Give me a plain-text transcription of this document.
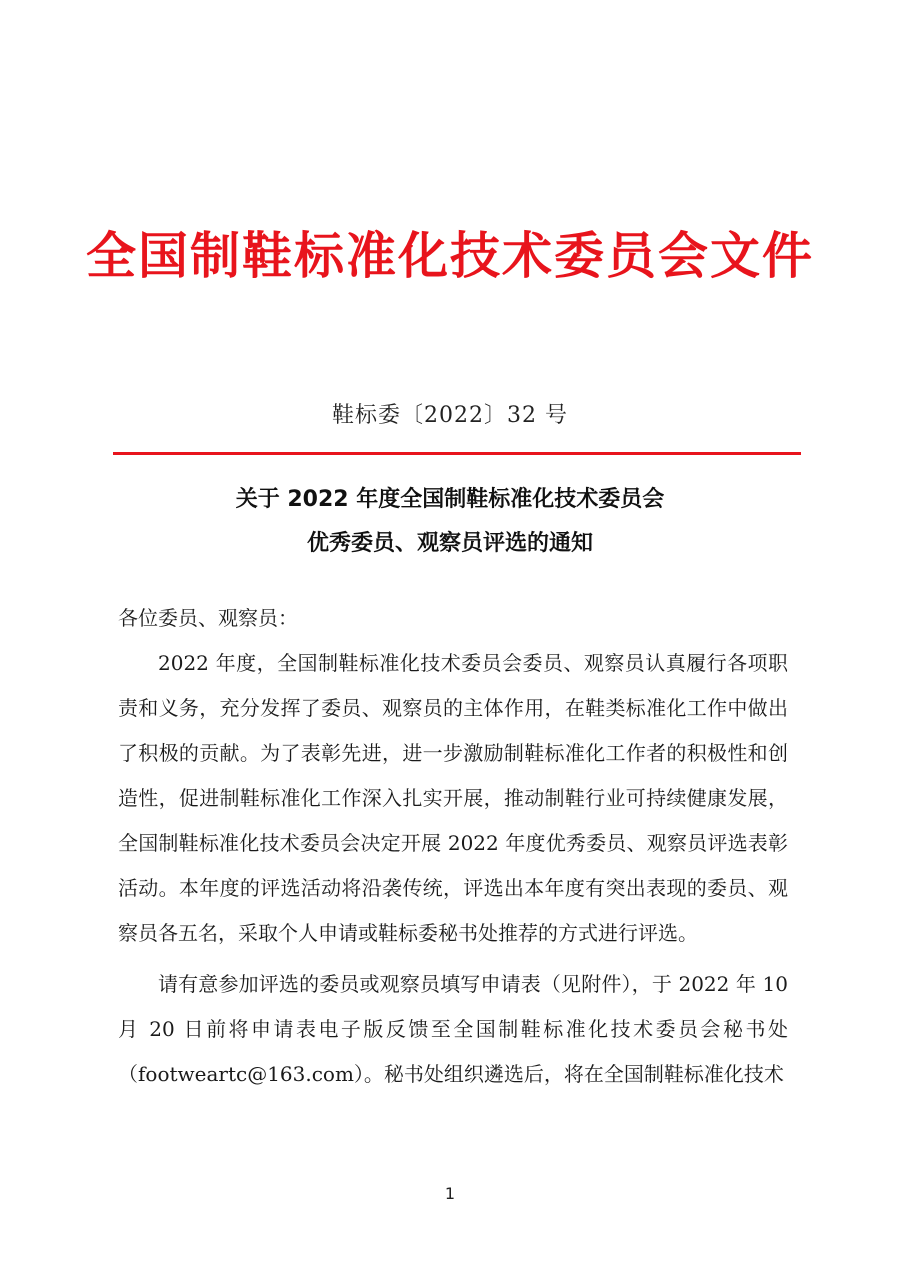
全国制鞋标准化技术委员会文件
鞋标委〔2022〕32 号
关于 2022 年度全国制鞋标准化技术委员会
优秀委员、观察员评选的通知

各位委员、观察员：

2022 年度，全国制鞋标准化技术委员会委员、观察员认真履行各项职责和义务，充分发挥了委员、观察员的主体作用，在鞋类标准化工作中做出了积极的贡献。为了表彰先进，进一步激励制鞋标准化工作者的积极性和创造性，促进制鞋标准化工作深入扎实开展，推动制鞋行业可持续健康发展，全国制鞋标准化技术委员会决定开展 2022 年度优秀委员、观察员评选表彰活动。本年度的评选活动将沿袭传统，评选出本年度有突出表现的委员、观察员各五名，采取个人申请或鞋标委秘书处推荐的方式进行评选。

请有意参加评选的委员或观察员填写申请表（见附件），于 2022 年 10 月 20 日前将申请表电子版反馈至全国制鞋标准化技术委员会秘书处（footweartc@163.com）。秘书处组织遴选后，将在全国制鞋标准化技术

1
